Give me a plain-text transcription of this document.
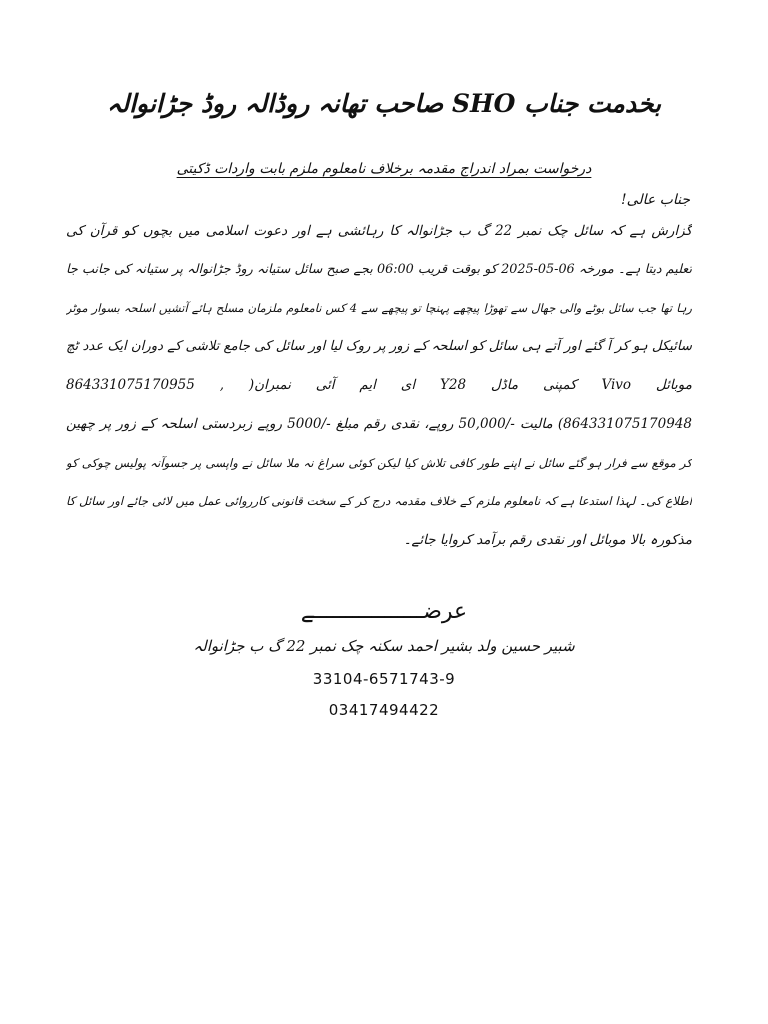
بخدمت جناب SHO صاحب تھانہ روڈالہ روڈ جڑانوالہ
درخواست بمراد اندراج مقدمہ برخلاف نامعلوم ملزم بابت واردات ڈکیتی
جناب عالی!
گزارش ہے کہ سائل چک نمبر 22 گ ب جڑانوالہ کا رہائشی ہے اور دعوت اسلامی میں بچوں کو قرآن کی
تعلیم دیتا ہے۔ مورخہ 06-05-2025 کو بوقت قریب 06:00 بجے صبح سائل ستیانہ روڈ جڑانوالہ پر ستیانہ کی جانب جا
رہا تھا جب سائل بوٹے والی جھال سے تھوڑا پیچھے پہنچا تو پیچھے سے 4 کس نامعلوم ملزمان مسلح ہائے آتشیں اسلحہ بسوار موٹر
سائیکل ہو کر آ گئے اور آتے ہی سائل کو اسلحہ کے زور پر روک لیا اور سائل کی جامع تلاشی کے دوران ایک عدد ٹچ
موبائل Vivo کمپنی ماڈل Y28 ای ایم آئی نمبران( , 864331075170955
864331075170948) مالیت -/50,000 روپے، نقدی رقم مبلغ -/5000 روپے زبردستی اسلحہ کے زور پر چھین
کر موقع سے فرار ہو گئے سائل نے اپنے طور کافی تلاش کیا لیکن کوئی سراغ نہ ملا سائل نے واپسی پر جسوآنہ پولیس چوکی کو
اطلاع کی۔ لہذا استدعا ہے کہ نامعلوم ملزم کے خلاف مقدمہ درج کر کے سخت قانونی کارروائی عمل میں لائی جائے اور سائل کا
مذکورہ بالا موبائل اور نقدی رقم برآمد کروایا جائے۔
عرضـــــــــــــــــے
شبیر حسین ولد بشیر احمد سکنہ چک نمبر 22 گ ب جڑانوالہ
33104-6571743-9
03417494422
